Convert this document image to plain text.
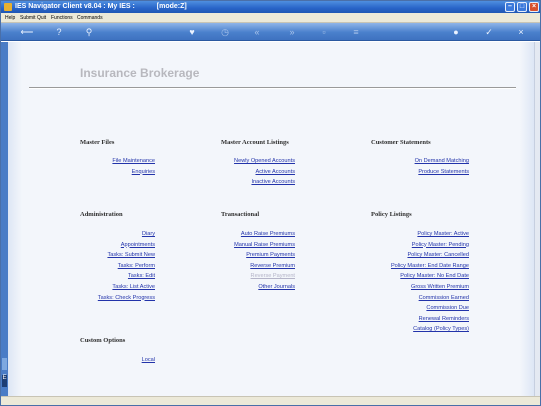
IES Navigator Client v8.04 : My IES :	[mode:Z]	–	□	×
Help Submit Quit Functions Commands
⟵	?	⚲	♥	◷	«	»	▫	≡	●	✓	×
E
Insurance Brokerage
Master Files
File Maintenance
Enquiries
Master Account Listings
Newly Opened Accounts
Active Accounts
Inactive Accounts
Customer Statements
On Demand Matching
Produce Statements
Administration
Diary
Appointments
Tasks: Submit New
Tasks: Perform
Tasks: Edit
Tasks: List Active
Tasks: Check Progress
Transactional
Auto Raise Premiums
Manual Raise Premiums
Premium Payments
Reverse Premium
Reverse Payment
Other Journals
Policy Listings
Policy Master: Active
Policy Master: Pending
Policy Master: Cancelled
Policy Master: End Date Range
Policy Master: No End Date
Gross Written Premium
Commission Earned
Commission Due
Renewal Reminders
Catalog (Policy Types)
Custom Options
Local
